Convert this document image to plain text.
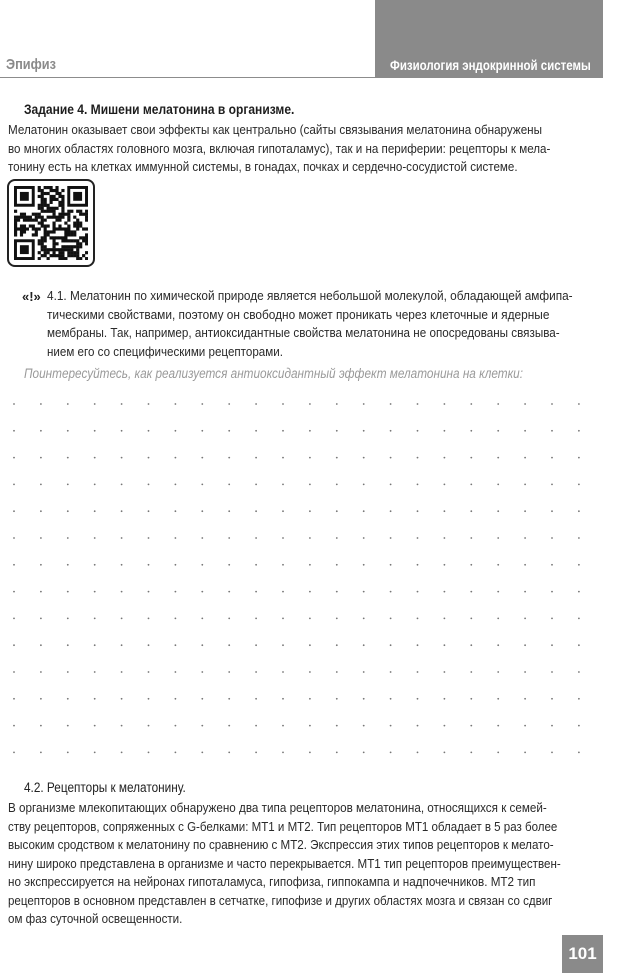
Эпифиз	Физиология эндокринной системы
Задание 4. Мишени мелатонина в организме.
Мелатонин оказывает свои эффекты как центрально (сайты связывания мелатонина обнаружены
во многих областях головного мозга, включая гипоталамус), так и на периферии: рецепторы к мела-
тонину есть на клетках иммунной системы, в гонадах, почках и сердечно-сосудистой системе.
«!» 4.1. Мелатонин по химической природе является небольшой молекулой, обладающей амфипа-
тическими свойствами, поэтому он свободно может проникать через клеточные и ядерные
мембраны. Так, например, антиоксидантные свойства мелатонина не опосредованы связыва-
нием его со специфическими рецепторами.
Поинтересуйтесь, как реализуется антиоксидантный эффект мелатонина на клетки:
4.2. Рецепторы к мелатонину.
В организме млекопитающих обнаружено два типа рецепторов мелатонина, относящихся к семей-
ству рецепторов, сопряженных с G-белками: MT1 и MT2. Тип рецепторов MT1 обладает в 5 раз более
высоким сродством к мелатонину по сравнению с MT2. Экспрессия этих типов рецепторов к мелато-
нину широко представлена в организме и часто перекрывается. MT1 тип рецепторов преимуществен-
но экспрессируется на нейронах гипоталамуса, гипофиза, гиппокампа и надпочечников. MT2 тип
рецепторов в основном представлен в сетчатке, гипофизе и других областях мозга и связан со сдвиг
ом фаз суточной освещенности.
101
